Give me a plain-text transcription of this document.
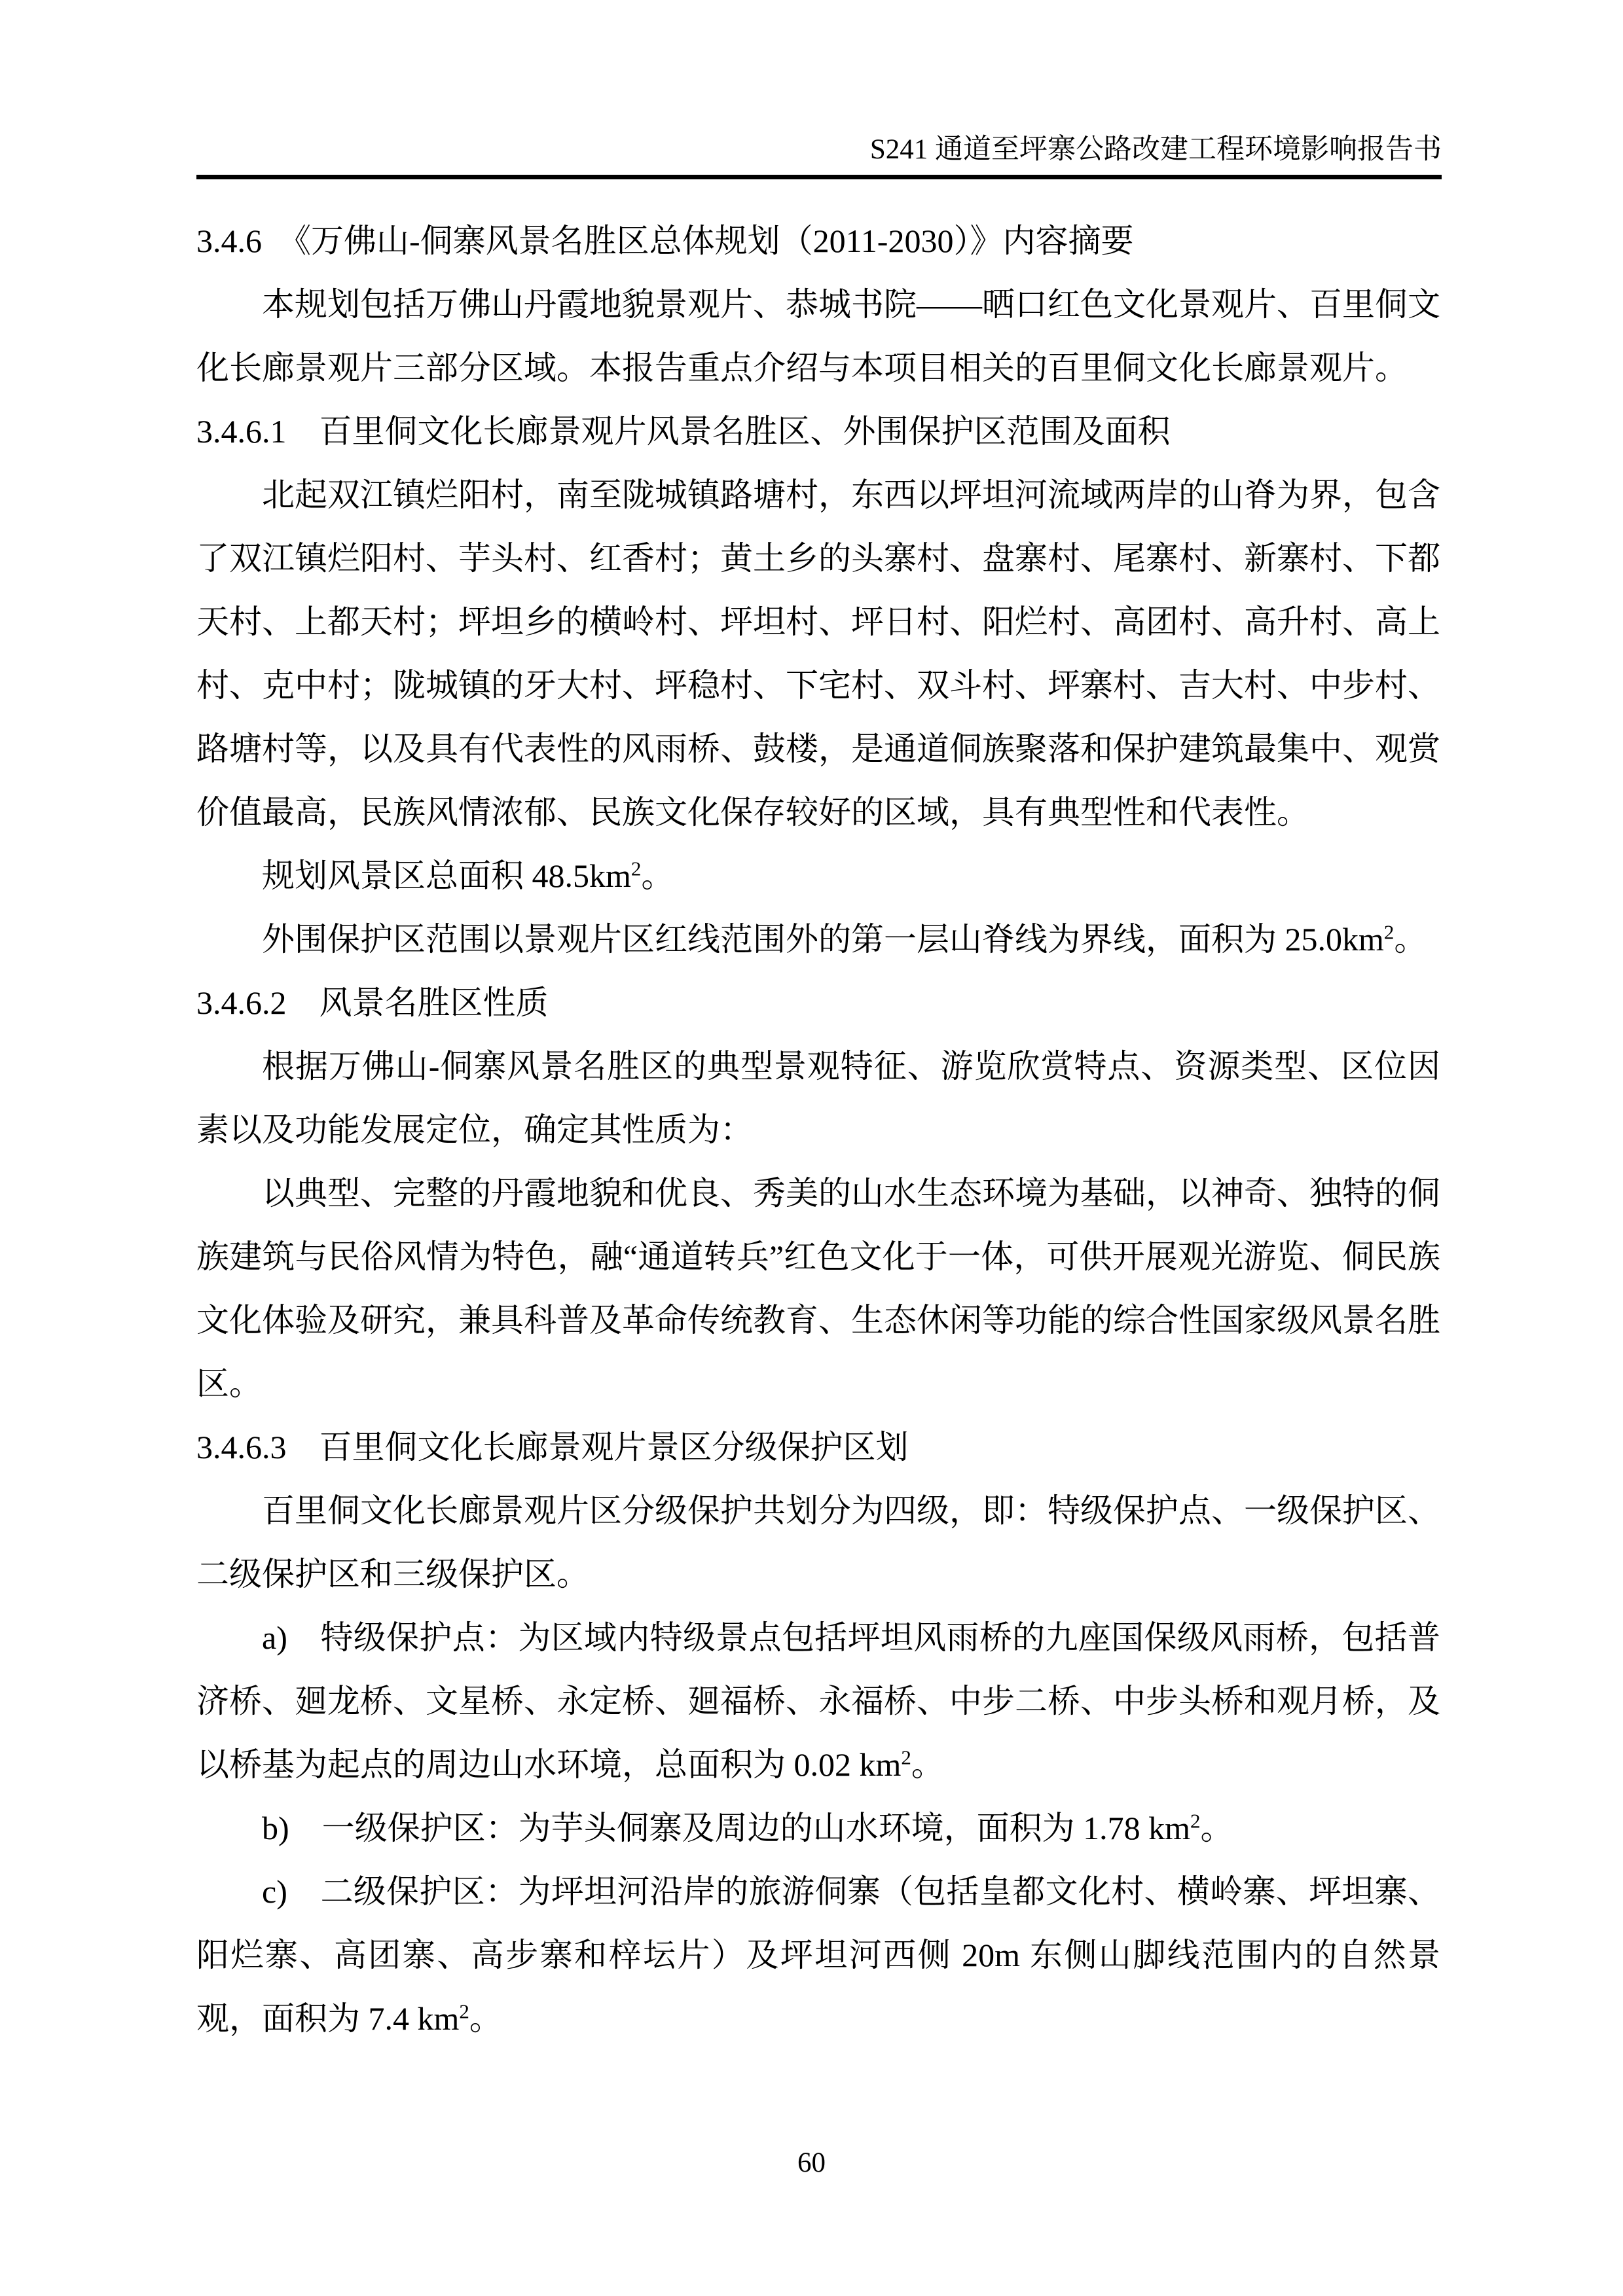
S241 通道至坪寨公路改建工程环境影响报告书
3.4.6　《万佛山-侗寨风景名胜区总体规划（2011-2030）》内容摘要
本规划包括万佛山丹霞地貌景观片、恭城书院——晒口红色文化景观片、百里侗文化长廊景观片三部分区域。本报告重点介绍与本项目相关的百里侗文化长廊景观片。
3.4.6.1　百里侗文化长廊景观片风景名胜区、外围保护区范围及面积
北起双江镇烂阳村，南至陇城镇路塘村，东西以坪坦河流域两岸的山脊为界，包含了双江镇烂阳村、芋头村、红香村；黄土乡的头寨村、盘寨村、尾寨村、新寨村、下都天村、上都天村；坪坦乡的横岭村、坪坦村、坪日村、阳烂村、高团村、高升村、高上村、克中村；陇城镇的牙大村、坪稳村、下宅村、双斗村、坪寨村、吉大村、中步村、路塘村等，以及具有代表性的风雨桥、鼓楼，是通道侗族聚落和保护建筑最集中、观赏价值最高，民族风情浓郁、民族文化保存较好的区域，具有典型性和代表性。
规划风景区总面积 $48.5km^2$。
外围保护区范围以景观片区红线范围外的第一层山脊线为界线，面积为 $25.0km^2$。
3.4.6.2　风景名胜区性质
根据万佛山-侗寨风景名胜区的典型景观特征、游览欣赏特点、资源类型、区位因素以及功能发展定位，确定其性质为：
以典型、完整的丹霞地貌和优良、秀美的山水生态环境为基础，以神奇、独特的侗族建筑与民俗风情为特色，融“通道转兵”红色文化于一体，可供开展观光游览、侗民族文化体验及研究，兼具科普及革命传统教育、生态休闲等功能的综合性国家级风景名胜区。
3.4.6.3　百里侗文化长廊景观片景区分级保护区划
百里侗文化长廊景观片区分级保护共划分为四级，即：特级保护点、一级保护区、二级保护区和三级保护区。
a)　特级保护点：为区域内特级景点包括坪坦风雨桥的九座国保级风雨桥，包括普济桥、廻龙桥、文星桥、永定桥、廻福桥、永福桥、中步二桥、中步头桥和观月桥，及以桥基为起点的周边山水环境，总面积为 0.02 $km^2$。
b)　一级保护区：为芋头侗寨及周边的山水环境，面积为 1.78 $km^2$。
c)　二级保护区：为坪坦河沿岸的旅游侗寨（包括皇都文化村、横岭寨、坪坦寨、阳烂寨、高团寨、高步寨和梓坛片）及坪坦河西侧 20m 东侧山脚线范围内的自然景观，面积为 7.4 $km^2$。
60
